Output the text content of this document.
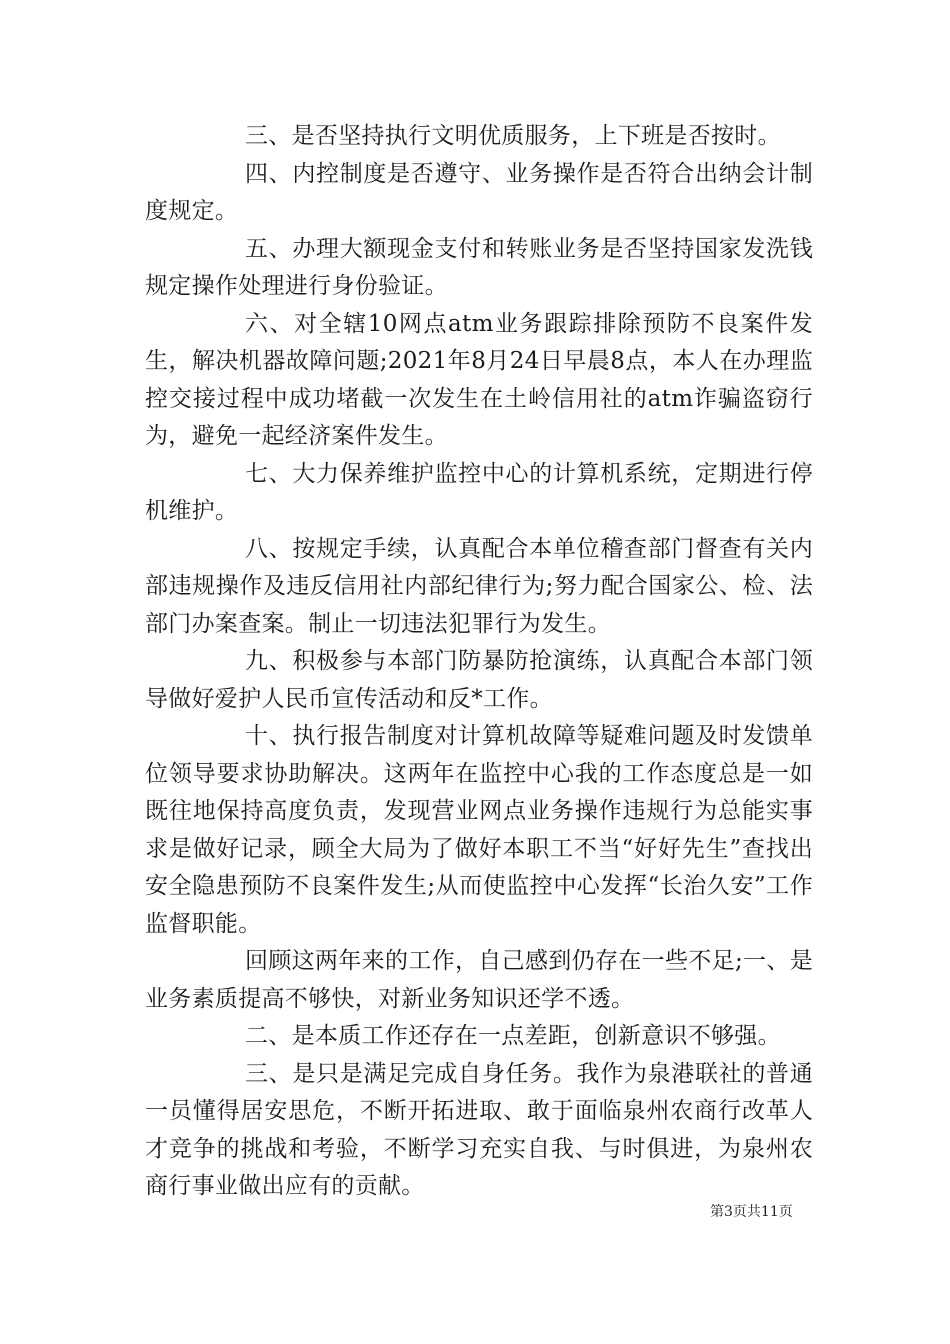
三、是否坚持执行文明优质服务，上下班是否按时。

四、内控制度是否遵守、业务操作是否符合出纳会计制度规定。

五、办理大额现金支付和转账业务是否坚持国家发洗钱规定操作处理进行身份验证。

六、对全辖10网点atm业务跟踪排除预防不良案件发生，解决机器故障问题;2021年8月24日早晨8点，本人在办理监控交接过程中成功堵截一次发生在土岭信用社的atm诈骗盗窃行为，避免一起经济案件发生。

七、大力保养维护监控中心的计算机系统，定期进行停机维护。

八、按规定手续，认真配合本单位稽查部门督查有关内部违规操作及违反信用社内部纪律行为;努力配合国家公、检、法部门办案查案。制止一切违法犯罪行为发生。

九、积极参与本部门防暴防抢演练，认真配合本部门领导做好爱护人民币宣传活动和反*工作。

十、执行报告制度对计算机故障等疑难问题及时发馈单位领导要求协助解决。这两年在监控中心我的工作态度总是一如既往地保持高度负责，发现营业网点业务操作违规行为总能实事求是做好记录，顾全大局为了做好本职工不当“好好先生”查找出安全隐患预防不良案件发生;从而使监控中心发挥“长治久安”工作监督职能。

回顾这两年来的工作，自己感到仍存在一些不足;一、是业务素质提高不够快，对新业务知识还学不透。

二、是本质工作还存在一点差距，创新意识不够强。

三、是只是满足完成自身任务。我作为泉港联社的普通一员懂得居安思危，不断开拓进取、敢于面临泉州农商行改革人才竞争的挑战和考验，不断学习充实自我、与时俱进，为泉州农商行事业做出应有的贡献。

第3页共11页
